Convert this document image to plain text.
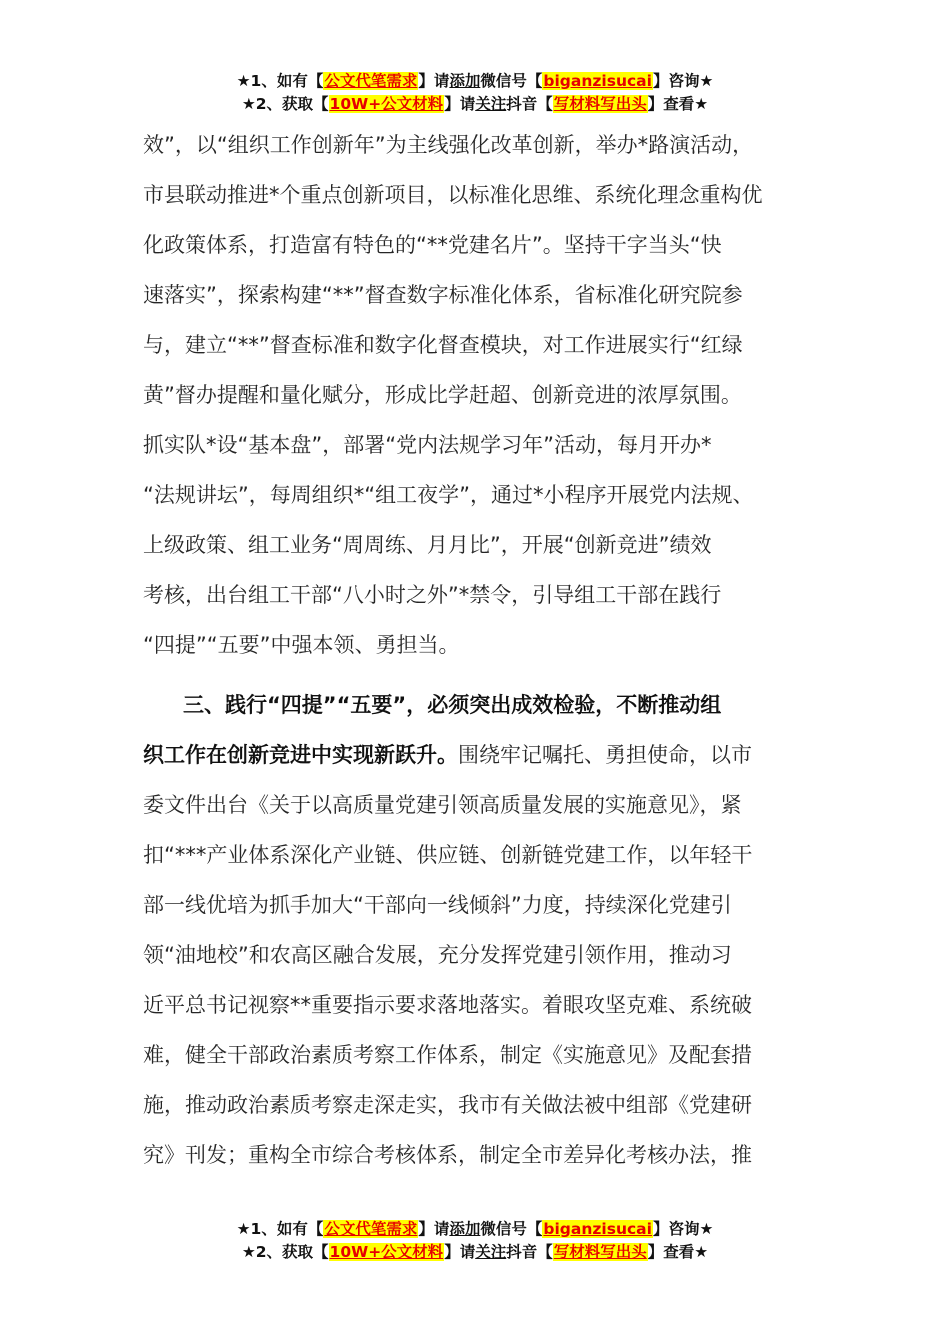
★1、如有【公文代笔需求】请添加微信号【biganzisucai】咨询★
★2、获取【10W+公文材料】请关注抖音【写材料写出头】查看★
效”，以“组织工作创新年”为主线强化改革创新，举办*路演活动，
市县联动推进*个重点创新项目，以标准化思维、系统化理念重构优
化政策体系，打造富有特色的“**党建名片”。坚持干字当头“快
速落实”，探索构建“**”督查数字标准化体系，省标准化研究院参
与，建立“**”督查标准和数字化督查模块，对工作进展实行“红绿
黄”督办提醒和量化赋分，形成比学赶超、创新竞进的浓厚氛围。
抓实队*设“基本盘”，部署“党内法规学习年”活动，每月开办*
“法规讲坛”，每周组织*“组工夜学”，通过*小程序开展党内法规、
上级政策、组工业务“周周练、月月比”，开展“创新竞进”绩效
考核，出台组工干部“八小时之外”*禁令，引导组工干部在践行
“四提”“五要”中强本领、勇担当。
三、践行“四提”“五要”，必须突出成效检验，不断推动组
织工作在创新竞进中实现新跃升。围绕牢记嘱托、勇担使命，以市
委文件出台《关于以高质量党建引领高质量发展的实施意见》，紧
扣“***产业体系深化产业链、供应链、创新链党建工作，以年轻干
部一线优培为抓手加大“干部向一线倾斜”力度，持续深化党建引
领“油地校”和农高区融合发展，充分发挥党建引领作用，推动习
近平总书记视察**重要指示要求落地落实。着眼攻坚克难、系统破
难，健全干部政治素质考察工作体系，制定《实施意见》及配套措
施，推动政治素质考察走深走实，我市有关做法被中组部《党建研
究》刊发；重构全市综合考核体系，制定全市差异化考核办法，推
★1、如有【公文代笔需求】请添加微信号【biganzisucai】咨询★
★2、获取【10W+公文材料】请关注抖音【写材料写出头】查看★
